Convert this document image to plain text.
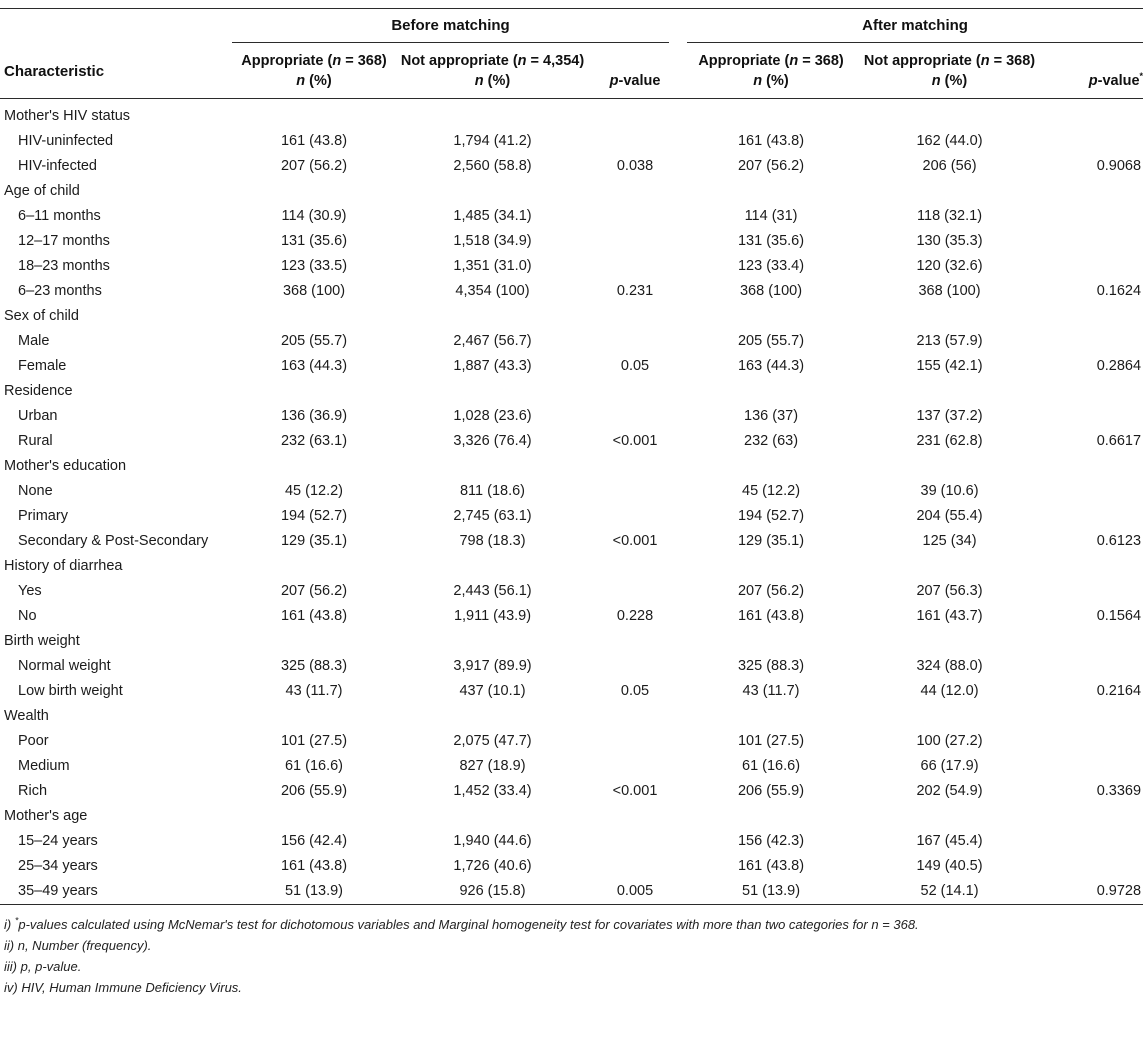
	Before matching			After matching		

Characteristic	Appropriate (n = 368)	Not appropriate (n = 4,354)		Appropriate (n = 368)	Not appropriate (n = 368)	
	n (%)	n (%)	p-value	n (%)	n (%)	p-value*
Mother's HIV status						
HIV-uninfected	161 (43.8)	1,794 (41.2)		161 (43.8)	162 (44.0)	
HIV-infected	207 (56.2)	2,560 (58.8)	0.038	207 (56.2)	206 (56)	0.9068
Age of child						
6–11 months	114 (30.9)	1,485 (34.1)		114 (31)	118 (32.1)	
12–17 months	131 (35.6)	1,518 (34.9)		131 (35.6)	130 (35.3)	
18–23 months	123 (33.5)	1,351 (31.0)		123 (33.4)	120 (32.6)	
6–23 months	368 (100)	4,354 (100)	0.231	368 (100)	368 (100)	0.1624
Sex of child						
Male	205 (55.7)	2,467 (56.7)		205 (55.7)	213 (57.9)	
Female	163 (44.3)	1,887 (43.3)	0.05	163 (44.3)	155 (42.1)	0.2864
Residence						
Urban	136 (36.9)	1,028 (23.6)		136 (37)	137 (37.2)	
Rural	232 (63.1)	3,326 (76.4)	<0.001	232 (63)	231 (62.8)	0.6617
Mother's education						
None	45 (12.2)	811 (18.6)		45 (12.2)	39 (10.6)	
Primary	194 (52.7)	2,745 (63.1)		194 (52.7)	204 (55.4)	
Secondary & Post-Secondary	129 (35.1)	798 (18.3)	<0.001	129 (35.1)	125 (34)	0.6123
History of diarrhea						
Yes	207 (56.2)	2,443 (56.1)		207 (56.2)	207 (56.3)	
No	161 (43.8)	1,911 (43.9)	0.228	161 (43.8)	161 (43.7)	0.1564
Birth weight						
Normal weight	325 (88.3)	3,917 (89.9)		325 (88.3)	324 (88.0)	
Low birth weight	43 (11.7)	437 (10.1)	0.05	43 (11.7)	44 (12.0)	0.2164
Wealth						
Poor	101 (27.5)	2,075 (47.7)		101 (27.5)	100 (27.2)	
Medium	61 (16.6)	827 (18.9)		61 (16.6)	66 (17.9)	
Rich	206 (55.9)	1,452 (33.4)	<0.001	206 (55.9)	202 (54.9)	0.3369
Mother's age						
15–24 years	156 (42.4)	1,940 (44.6)		156 (42.3)	167 (45.4)	
25–34 years	161 (43.8)	1,726 (40.6)		161 (43.8)	149 (40.5)	
35–49 years	51 (13.9)	926 (15.8)	0.005	51 (13.9)	52 (14.1)	0.9728
i) *p-values calculated using McNemar's test for dichotomous variables and Marginal homogeneity test for covariates with more than two categories for n = 368.
ii) n, Number (frequency).
iii) p, p-value.
iv) HIV, Human Immune Deficiency Virus.
